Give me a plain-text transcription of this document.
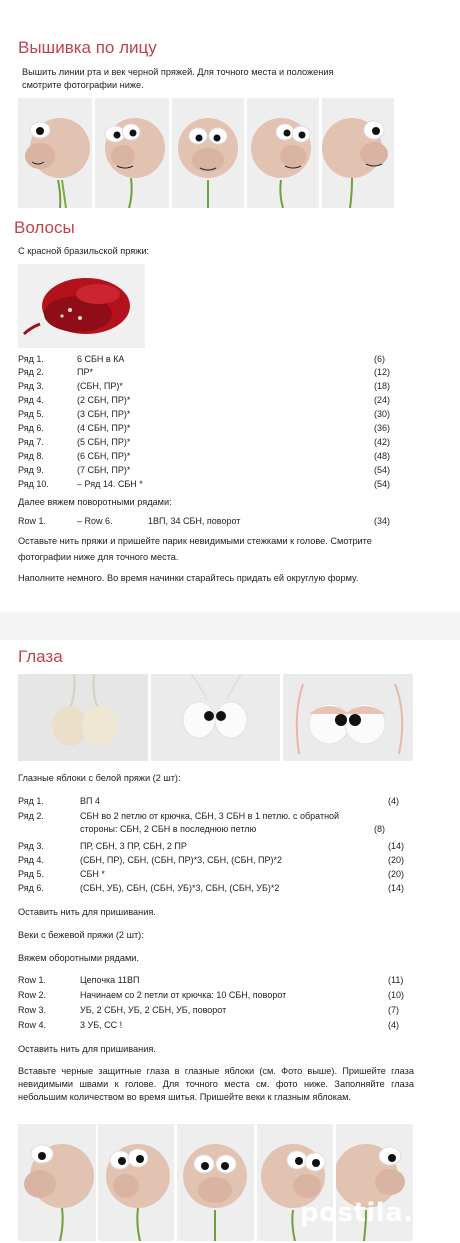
Вышивка по лицу
Вышить линии рта и век черной пряжей. Для точного места и положения смотрите фотографии ниже.
Волосы
С красной бразильской пряжи:
Ряд 1.	6 СБН в КА	(6)
Ряд 2.	ПР*	(12)
Ряд 3.	(СБН, ПР)*	(18)
Ряд 4.	(2 СБН, ПР)*	(24)
Ряд 5.	(3 СБН, ПР)*	(30)
Ряд 6.	(4 СБН, ПР)*	(36)
Ряд 7.	(5 СБН, ПР)*	(42)
Ряд 8.	(6 СБН, ПР)*	(48)
Ряд 9.	(7 СБН, ПР)*	(54)
Ряд 10.	– Ряд 14. СБН *	(54)
Далее вяжем поворотными рядами:
Row 1.	– Row 6.	1ВП, 34 СБН, поворот	(34)
Оставьте нить пряжи и пришейте парик невидимыми стежками к голове. Смотрите фотографии ниже для точного места.
Наполните немного. Во время начинки старайтесь придать ей округлую форму.
Глаза
Глазные яблоки с белой пряжи (2 шт):
Ряд 1.	ВП 4	(4)
Ряд 2.	СБН во 2 петлю от крючка, СБН, 3 СБН в 1 петлю. с обратной
стороны: СБН, 2 СБН в последнюю петлю	(8)
Ряд 3.	ПР, СБН, 3 ПР, СБН, 2 ПР	(14)
Ряд 4.	(СБН, ПР), СБН, (СБН, ПР)*3, СБН, (СБН, ПР)*2	(20)
Ряд 5.	СБН *	(20)
Ряд 6.	(СБН, УБ), СБН, (СБН, УБ)*3, СБН, (СБН, УБ)*2	(14)
Оставить нить для пришивания.
Веки с бежевой пряжи (2 шт):
Вяжем оборотными рядами.
Row 1.	Цепочка 11ВП	(11)
Row 2.	Начинаем со 2 петли от крючка: 10 СБН, поворот	(10)
Row 3.	УБ, 2 СБН, УБ, 2 СБН, УБ, поворот	(7)
Row 4.	3 УБ, СС !	(4)
Оставить нить для пришивания.
Вставьте черные защитные глаза в глазные яблоки (см. Фото выше). Пришейте глаза невидимыми швами к голове. Для точного места см. фото ниже. Заполняйте глаза небольшим количеством во время шитья. Пришейте веки к глазным яблокам.
postila.ru
